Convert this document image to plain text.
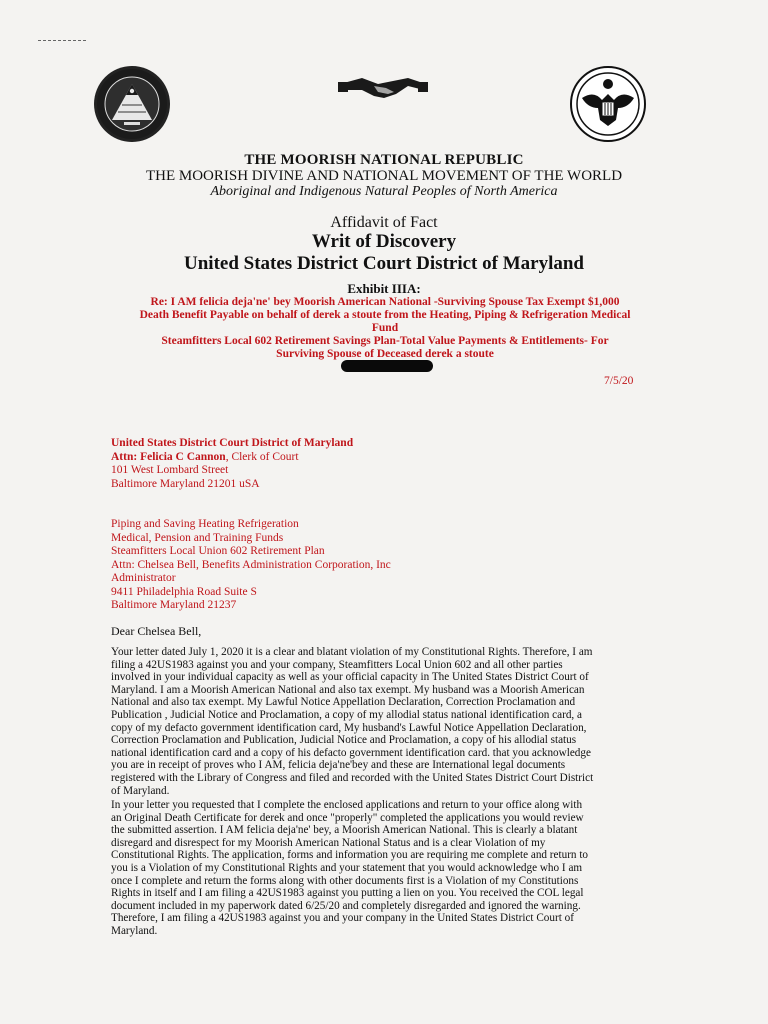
THE MOORISH NATIONAL REPUBLIC
THE MOORISH DIVINE AND NATIONAL MOVEMENT OF THE WORLD
Aboriginal and Indigenous Natural Peoples of North America
Affidavit of Fact
Writ of Discovery
United States District Court District of Maryland
Exhibit IIIA:
Re: I AM felicia deja'ne' bey Moorish American National -Surviving Spouse Tax Exempt $1,000
Death Benefit Payable on behalf of derek a stoute from the Heating, Piping & Refrigeration Medical
Fund
Steamfitters Local 602 Retirement Savings Plan-Total Value Payments & Entitlements- For
Surviving Spouse of Deceased derek a stoute
7/5/20
United States District Court District of Maryland
Attn: Felicia C Cannon, Clerk of Court
101 West Lombard Street
Baltimore Maryland 21201 uSA
Piping and Saving Heating Refrigeration
Medical, Pension and Training Funds
Steamfitters Local Union 602 Retirement Plan
Attn: Chelsea Bell, Benefits Administration Corporation, Inc
Administrator
9411 Philadelphia Road Suite S
Baltimore Maryland 21237
Dear Chelsea Bell,
Your letter dated July 1, 2020 it is a clear and blatant violation of my Constitutional Rights. Therefore, I am
filing a 42US1983 against you and your company, Steamfitters Local Union 602 and all other parties
involved in your individual capacity as well as your official capacity in The United States District Court of
Maryland. I am a Moorish American National and also tax exempt. My husband was a Moorish American
National and also tax exempt. My Lawful Notice Appellation Declaration, Correction Proclamation and
Publication , Judicial Notice and Proclamation, a copy of my allodial status national identification card, a
copy of my defacto government identification card, My husband's Lawful Notice Appellation Declaration,
Correction Proclamation and Publication, Judicial Notice and Proclamation, a copy of his allodial status
national identification card and a copy of his defacto government identification card. that you acknowledge
you are in receipt of proves who I AM, felicia deja'ne'bey and these are International legal documents
registered with the Library of Congress and filed and recorded with the United States District Court District
of Maryland.
In your letter you requested that I complete the enclosed applications and return to your office along with
an Original Death Certificate for derek and once "properly" completed the applications you would review
the submitted assertion. I AM felicia deja'ne' bey, a Moorish American National. This is clearly a blatant
disregard and disrespect for my Moorish American National Status and is a clear Violation of my
Constitutional Rights. The application, forms and information you are requiring me complete and return to
you is a Violation of my Constitutional Rights and your statement that you would acknowledge who I am
once I complete and return the forms along with other documents first is a Violation of my Constitutions
Rights in itself and I am filing a 42US1983 against you putting a lien on you. You received the COL legal
document included in my paperwork dated 6/25/20 and completely disregarded and ignored the warning.
Therefore, I am filing a 42US1983 against you and your company in the United States District Court of
Maryland.
